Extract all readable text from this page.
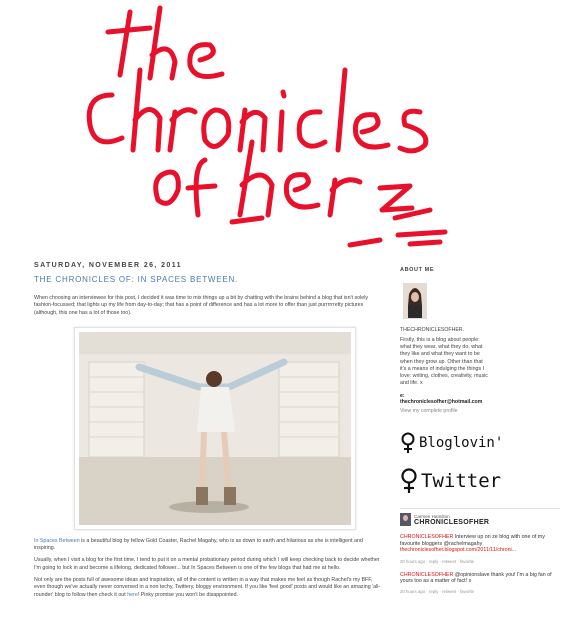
SATURDAY, NOVEMBER 26, 2011
THE CHRONICLES OF: IN SPACES BETWEEN.

When choosing an interviewee for this post, I decided it was time to mix things up a bit by chatting with the brains behind a blog that isn't solely fashion-focussed; that lights up my life from day-to-day; that has a point of difference and has a lot more to offer than just purrrrrretty pictures (although, this one has a lot of those too).

In Spaces Between is a beautiful blog by fellow Gold Coaster, Rachel Magahy, who is as down to earth and hilarious as she is intelligent and inspiring.

Usually, when I visit a blog for the first time, I tend to put it on a mental probationary period during which I will keep checking back to decide whether I'm going to lock in and become a lifelong, dedicated follower... but In Spaces Between is one of the few blogs that had me at hello.

Not only are the posts full of awesome ideas and inspiration, all of the content is written in a way that makes me feel as though Rachel's my BFF, even though we've actually never conversed in a non techy, Twittery, bloggy environment. If you like 'feel good' posts and would like an amazing 'all-rounder' blog to follow then check it out here! Pinky promise you won't be disappointed.

ABOUT ME
THECHRONICLESOFHER.
Firstly, this is a blog about people: what they wear, what they do, what they like and what they want to be when they grow up. Other than that it's a means of indulging the things I love: writing, clothes, creativity, music and life. x
e:
thechroniclesofher@hotmail.com
View my complete profile
Bloglovin'
Twitter
Carmen Hamilton
CHRONICLESOFHER
CHRONICLESOFHER Interview up on ze blog with one of my favourite bloggers @rachelmagahy thechroniclesofher.blogspot.com/2011/11/chroni...
20 hours ago · reply · retweet · favorite
CHRONICLESOFHER @opinionslave thank you! I'm a big fan of yours too as a matter of fact! x
20 hours ago · reply · retweet · favorite
